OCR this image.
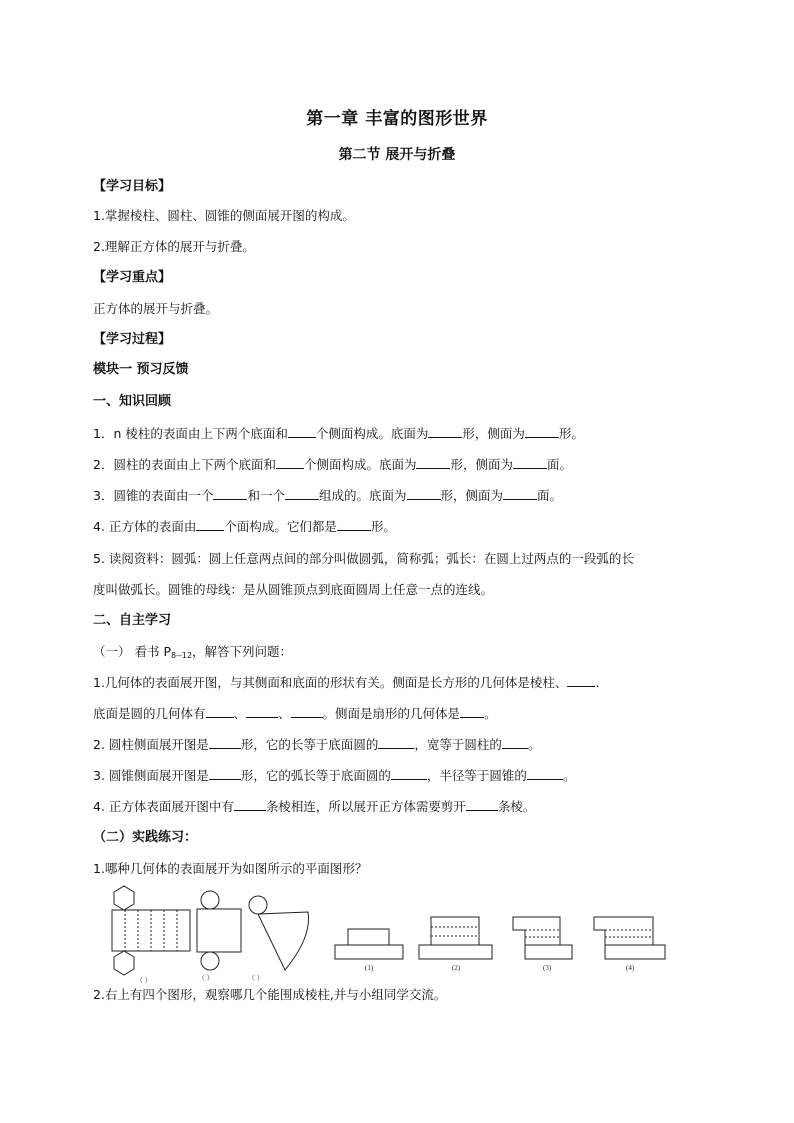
第一章 丰富的图形世界
第二节 展开与折叠
【学习目标】
1.掌握棱柱、圆柱、圆锥的侧面展开图的构成。
2.理解正方体的展开与折叠。
【学习重点】
正方体的展开与折叠。
【学习过程】
模块一 预习反馈
一、知识回顾
1．n 棱柱的表面由上下两个底面和 个侧面构成。底面为	形，侧面为	形。
2．圆柱的表面由上下两个底面和 个侧面构成。底面为	形，侧面为	面。
3．圆锥的表面由一个	和一个	组成的。底面为	形，侧面为	面。
4. 正方体的表面由 个面构成。它们都是	形。
5. 读阅资料：圆弧：圆上任意两点间的部分叫做圆弧，简称弧；弧长：在圆上过两点的一段弧的长
度叫做弧长。圆锥的母线：是从圆锥顶点到底面圆周上任意一点的连线。
二、自主学习
（一） 看书 P8--12，解答下列问题：
1.几何体的表面展开图，与其侧面和底面的形状有关。侧面是长方形的几何体是棱柱、 .
底面是圆的几何体有 、	、	。侧面是扇形的几何体是 。
2. 圆柱侧面展开图是	形，它的长等于底面圆的	，宽等于圆柱的 。
3. 圆锥侧面展开图是	形，它的弧长等于底面圆的	，半径等于圆锥的	。
4. 正方体表面展开图中有	条棱相连，所以展开正方体需要剪开	条棱。
（二）实践练习：
1.哪种几何体的表面展开为如图所示的平面图形？
（ ）	（ ）	（ ）
(1)	(2)	(3)	(4)
2.右上有四个图形，观察哪几个能围成棱柱,并与小组同学交流。
